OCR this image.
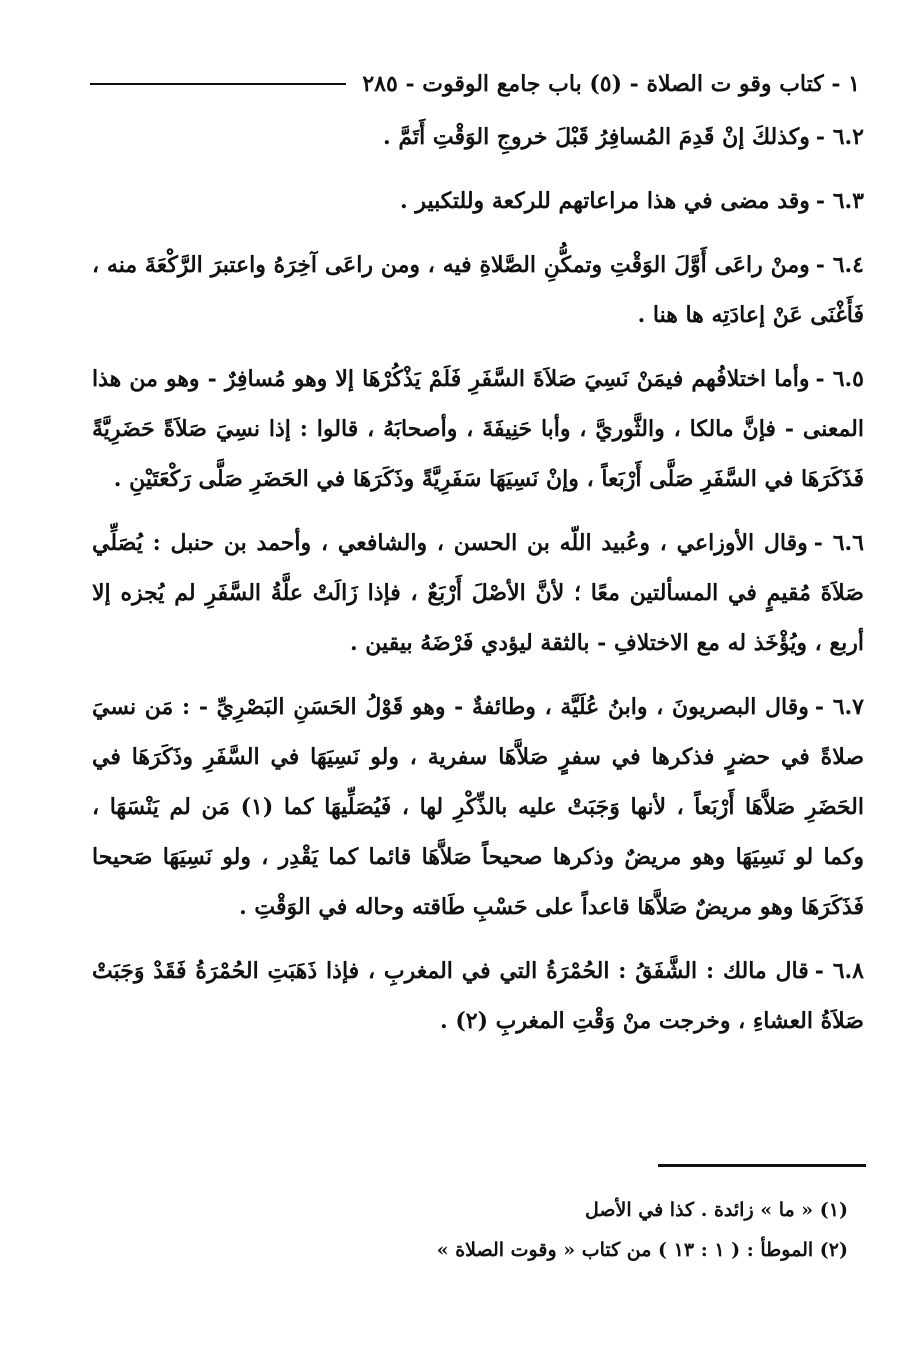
١ - كتاب وقو ت الصلاة - (٥) باب جامع الوقوت - ٢٨٥

٦.٢ -وكذلكَ إنْ قَدِمَ المُسافِرُ قَبْلَ خروجِ الوَقْتِ أَتَمَّ .

٦.٣ -وقد مضى في هذا مراعاتهم للركعة وللتكبير .

٦.٤ -ومنْ راعَى أَوَّلَ الوَقْتِ وتمكُّنِ الصَّلاةِ فيه ، ومن راعَى آخِرَهُ واعتبرَ الرَّكْعَةَ منه ، فَأَغْنَى عَنْ إعادَتِه ها هنا .

٦.٥ -وأما اختلافُهم فيمَنْ نَسِيَ صَلاَةَ السَّفَرِ فَلَمْ يَذْكُرْهَا إلا وهو مُسافِرٌ - وهو من هذا المعنى - فإنَّ مالكا ، والثَّوريَّ ، وأبا حَنِيفَةَ ، وأصحابَهُ ، قالوا : إذا نسِيَ صَلاَةً حَضَرِيَّةً فَذَكَرَهَا في السَّفَرِ صَلَّى أَرْبَعاً ، وإنْ نَسِيَهَا سَفَرِيَّةً وذَكَرَهَا في الحَضَرِ صَلَّى رَكْعَتَيْنِ .

٦.٦ -وقال الأوزاعي ، وعُبيد اللّه بن الحسن ، والشافعي ، وأحمد بن حنبل : يُصَلِّي صَلاَةَ مُقيمٍ في المسألتين معًا ؛ لأنَّ الأصْلَ أَرْبَعٌ ، فإذا زَالَتْ علَّةُ السَّفَرِ لم يُجزه إلا أربع ، ويُؤْخَذ له مع الاختلافِ - بالثقة ليؤدي فَرْضَهُ بيقين .

٦.٧ -وقال البصريونَ ، وابنُ عُلَيَّة ، وطائفةٌ - وهو قَوْلُ الحَسَنِ البَصْرِيِّ - : مَن نسيَ صلاةً في حضرٍ فذكرها في سفرٍ صَلاَّهَا سفرية ، ولو نَسِيَهَا في السَّفَرِ وذَكَرَهَا في الحَضَرِ صَلاَّهَا أَرْبَعاً ، لأنها وَجَبَتْ عليه بالذِّكْرِ لها ، فَيُصَلِّيهَا كما (١) مَن لم يَنْسَهَا ، وكما لو نَسِيَهَا وهو مريضٌ وذكرها صحيحاً صَلاَّهَا قائما كما يَقْدِر ، ولو نَسِيَهَا صَحيحا فَذَكَرَهَا وهو مريضٌ صَلاَّهَا قاعداً على حَسْبِ طَاقته وحاله في الوَقْتِ .

٦.٨ -قال مالك : الشَّفَقُ : الحُمْرَةُ التي في المغربِ ، فإذا ذَهَبَتِ الحُمْرَةُ فَقَدْ وَجَبَتْ صَلاَةُ العشاءِ ، وخرجت منْ وَقْتِ المغربِ (٢) .

(١) « ما » زائدة . كذا في الأصل

(٢) الموطأ : ( ١ : ١٣ ) من كتاب « وقوت الصلاة »
